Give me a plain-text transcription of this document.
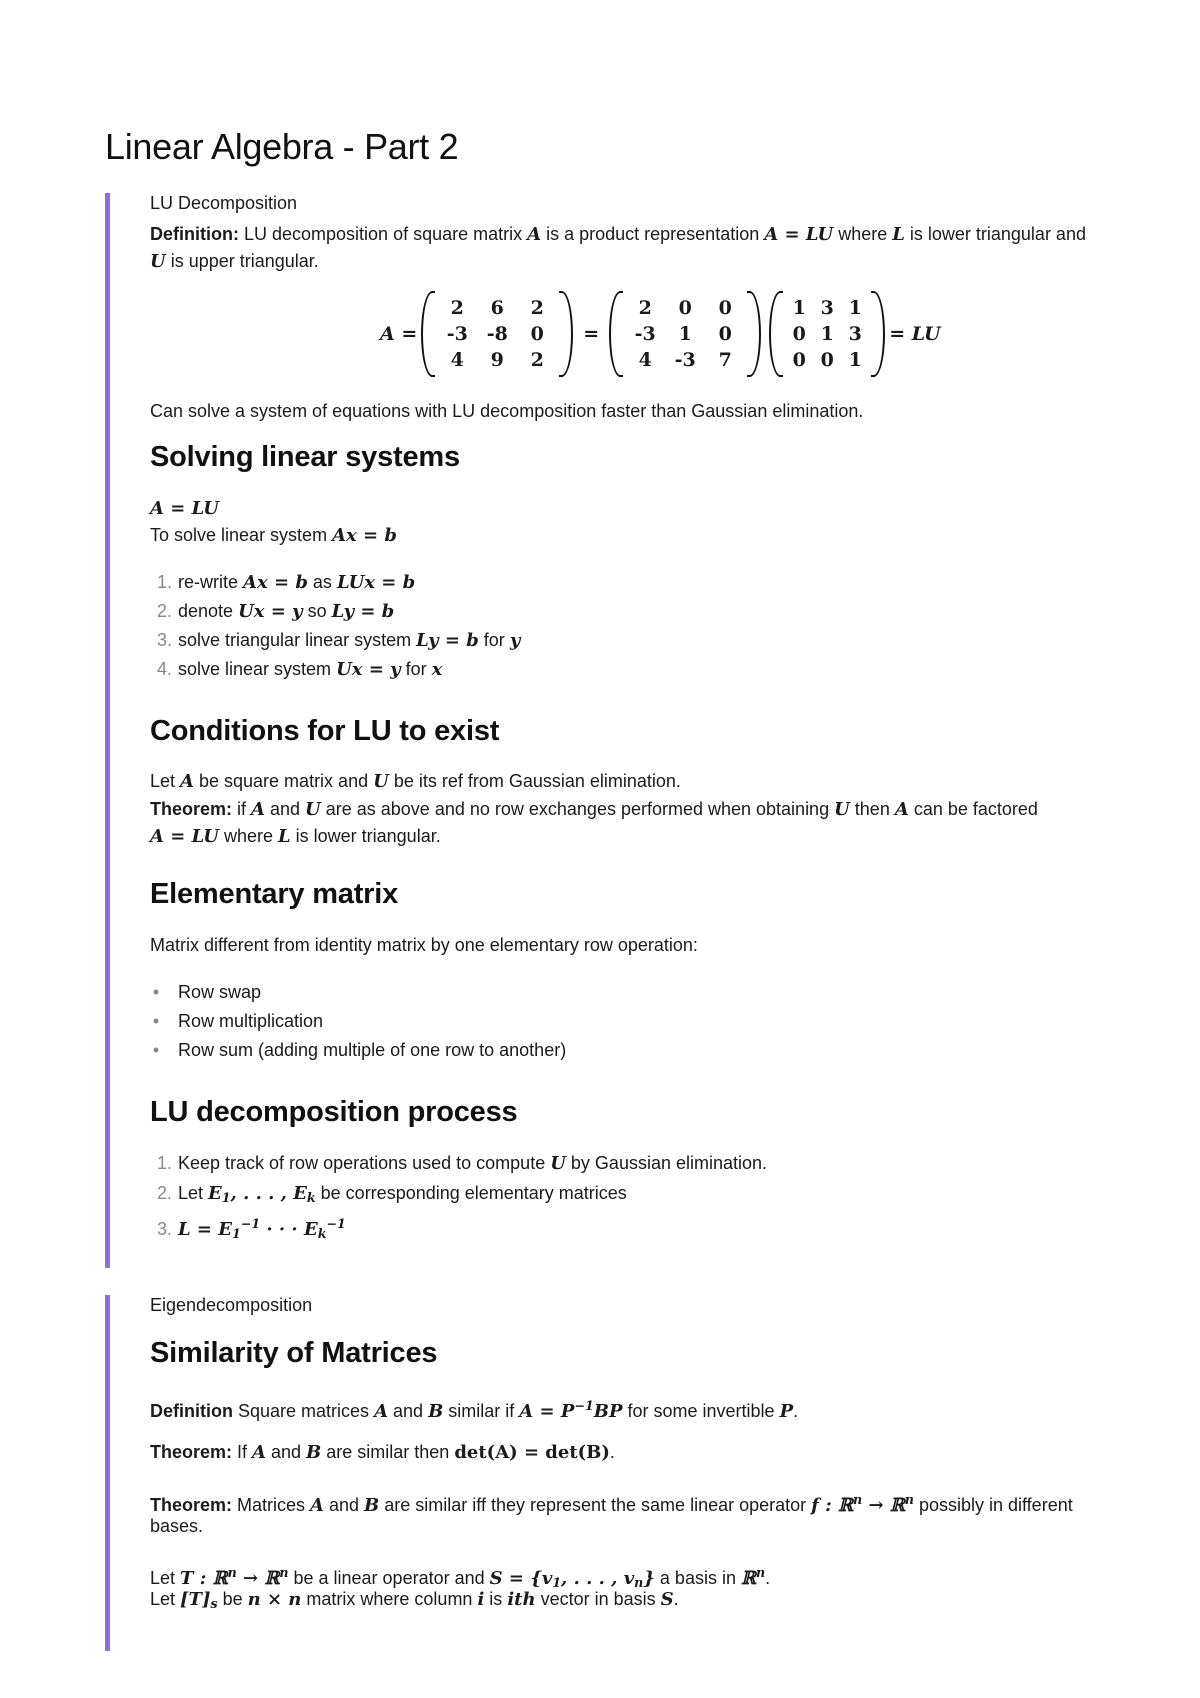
Linear Algebra - Part 2
LU Decomposition
Definition: LU decomposition of square matrix A is a product representation A = LU where L is lower triangular and
U is upper triangular.
A =
2	6	2
-3 -8	0
4	9	2
=
2	0	0
-3	1	0
4	-3	7
1 3 1
0 1 3
0 0 1
= LU
Can solve a system of equations with LU decomposition faster than Gaussian elimination.
Solving linear systems
A = LU
To solve linear system Ax = b
1. re-write Ax = b as LUx = b
2. denote Ux = y so Ly = b
3. solve triangular linear system Ly = b for y
4. solve linear system Ux = y for x
Conditions for LU to exist
Let A be square matrix and U be its ref from Gaussian elimination.
Theorem: if A and U are as above and no row exchanges performed when obtaining U then A can be factored
A = LU where L is lower triangular.
Elementary matrix
Matrix different from identity matrix by one elementary row operation:
• Row swap
• Row multiplication
• Row sum (adding multiple of one row to another)
LU decomposition process
1. Keep track of row operations used to compute U by Gaussian elimination.
2. Let $E_1$, . . . , $E_k$ be corresponding elementary matrices
3. $L = E_1^{-1}$ · · · $E_k^{-1}$
Eigendecomposition
Similarity of Matrices
Definition Square matrices A and B similar if $A = P^{-1}BP$ for some invertible P.
Theorem: If A and B are similar then det(A) = det(B).
Theorem: Matrices A and B are similar iff they represent the same linear operator f : ℝ$^n$ → ℝ$^n$ possibly in different
bases.
Let T : ℝ$^n$ → ℝ$^n$ be a linear operator and $S = \{v_1$, . . . , $v_n$} a basis in ℝ$^n$.
Let $[T]_s$ be n × n matrix where column i is ith vector in basis S.
